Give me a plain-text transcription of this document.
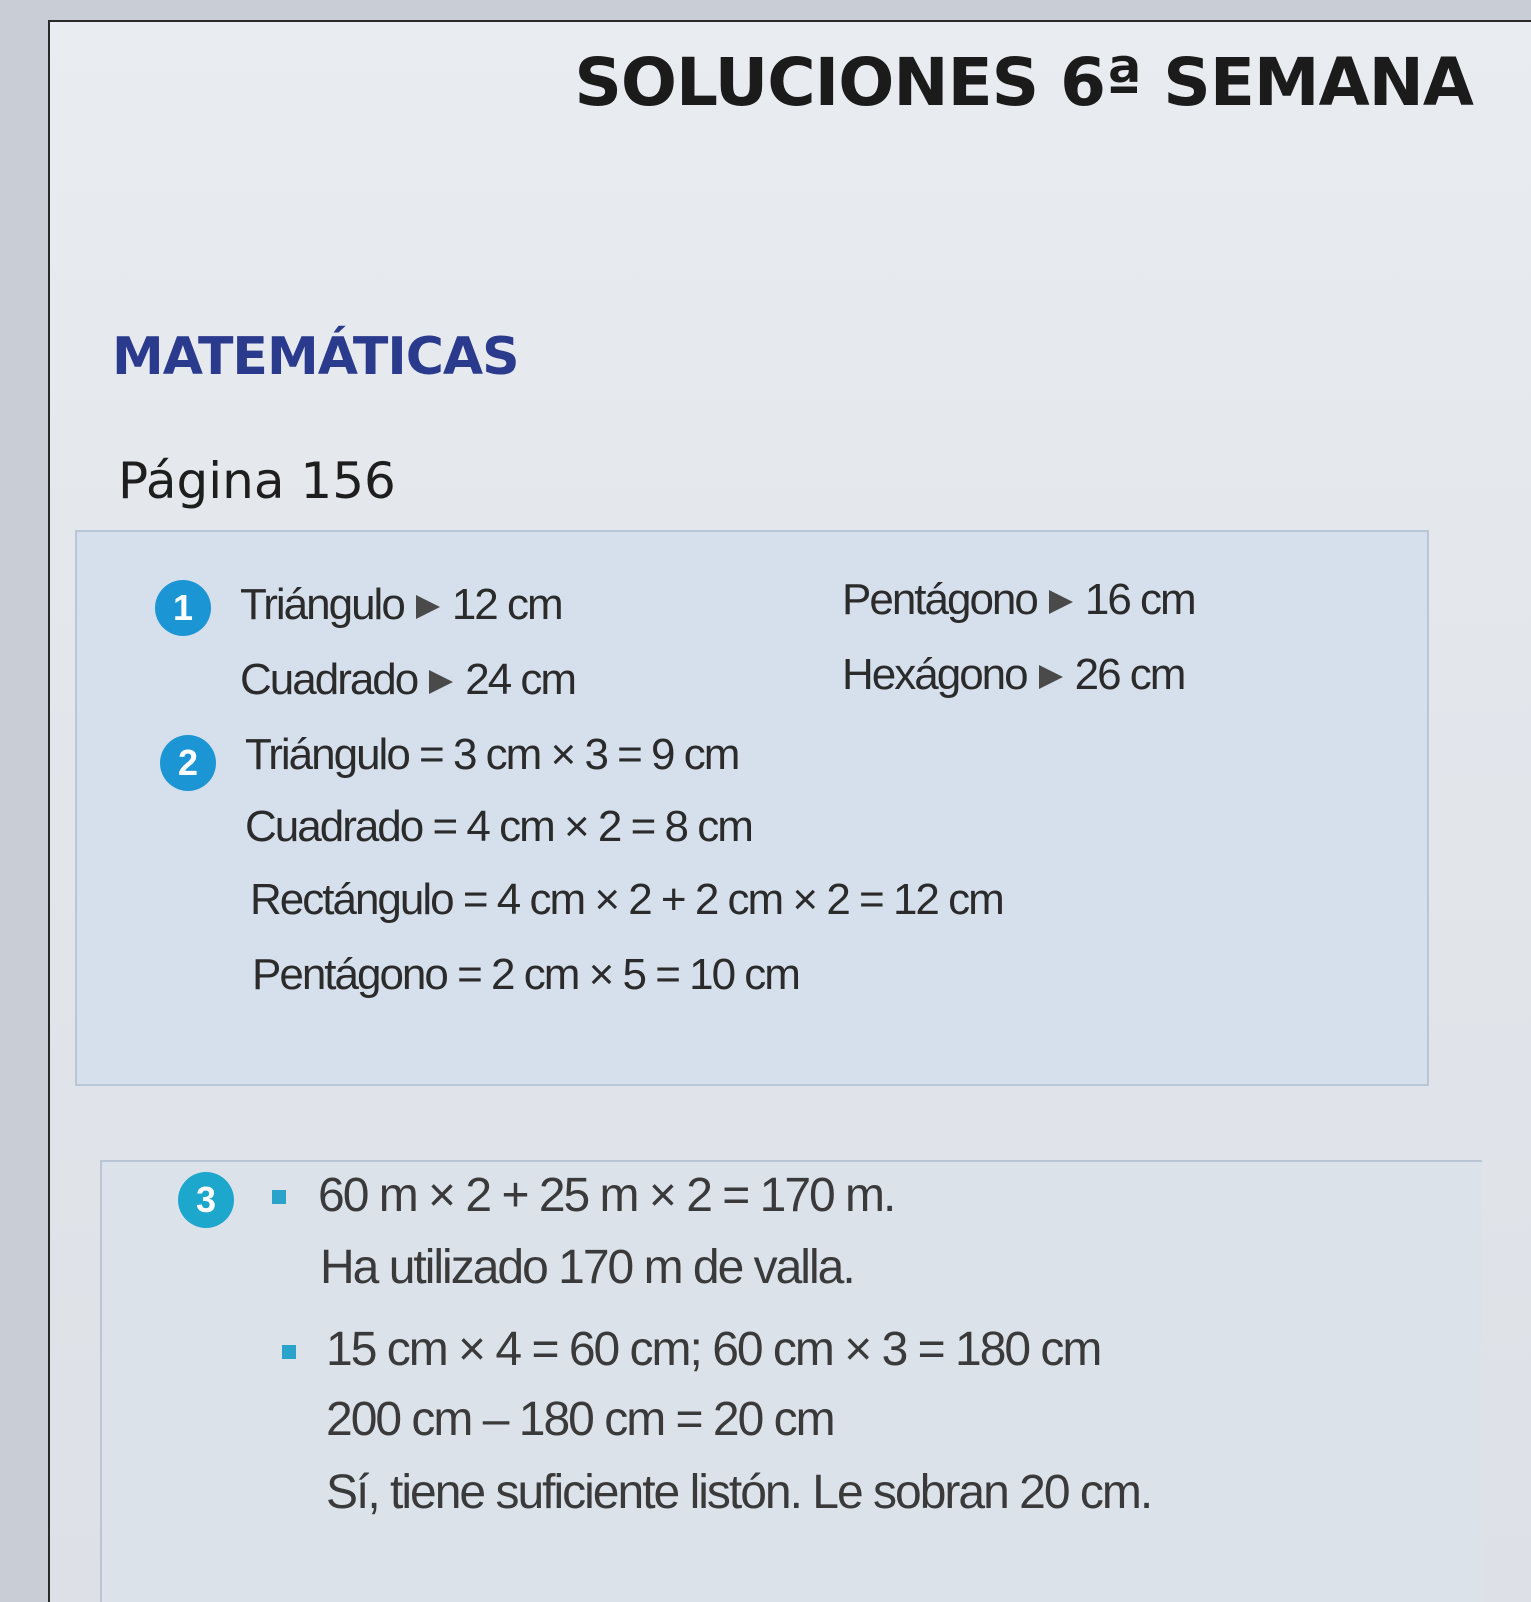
SOLUCIONES 6ª SEMANA
MATEMÁTICAS
Página 156
1	Triángulo 12 cm	Pentágono 16 cm
Cuadrado 24 cm	Hexágono 26 cm
2	Triángulo = 3 cm × 3 = 9 cm
Cuadrado = 4 cm × 2 = 8 cm
Rectángulo = 4 cm × 2 + 2 cm × 2 = 12 cm
Pentágono = 2 cm × 5 = 10 cm
3	60 m × 2 + 25 m × 2 = 170 m.
Ha utilizado 170 m de valla.
15 cm × 4 = 60 cm; 60 cm × 3 = 180 cm
200 cm – 180 cm = 20 cm
Sí, tiene suficiente listón. Le sobran 20 cm.
